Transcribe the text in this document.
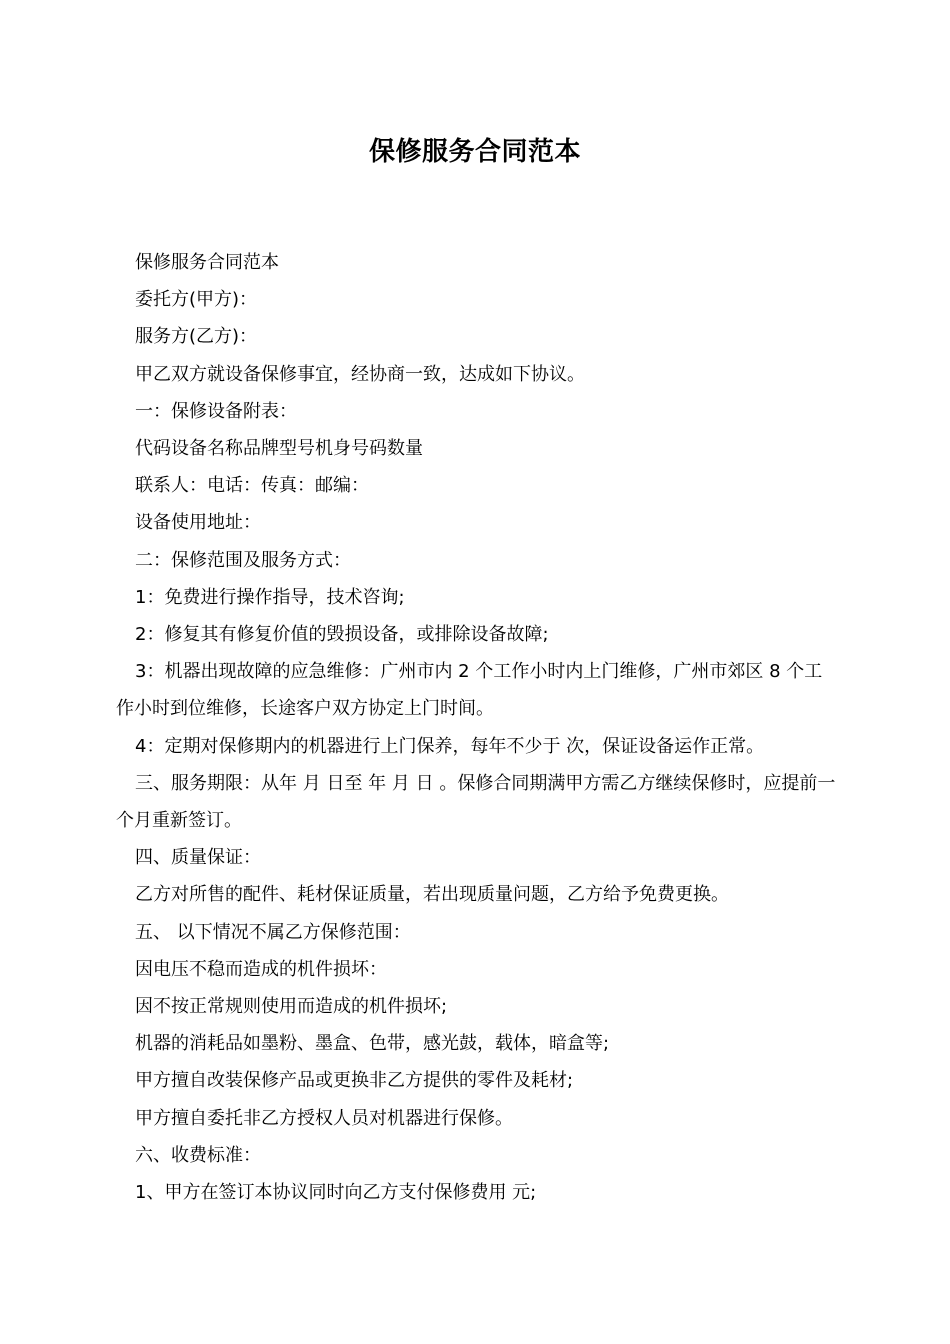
保修服务合同范本

保修服务合同范本

委托方(甲方)：

服务方(乙方)：

甲乙双方就设备保修事宜，经协商一致，达成如下协议。

一：保修设备附表：

代码设备名称品牌型号机身号码数量

联系人：电话：传真：邮编：

设备使用地址：

二：保修范围及服务方式：

1：免费进行操作指导，技术咨询;

2：修复其有修复价值的毁损设备，或排除设备故障;

3：机器出现故障的应急维修：广州市内 2 个工作小时内上门维修，广州市郊区 8 个工作小时到位维修，长途客户双方协定上门时间。

4：定期对保修期内的机器进行上门保养，每年不少于 次，保证设备运作正常。

三、服务期限：从年 月 日至 年 月 日 。保修合同期满甲方需乙方继续保修时，应提前一个月重新签订。

四、质量保证：

乙方对所售的配件、耗材保证质量，若出现质量问题，乙方给予免费更换。

五、 以下情况不属乙方保修范围：

因电压不稳而造成的机件损坏：

因不按正常规则使用而造成的机件损坏;

机器的消耗品如墨粉、墨盒、色带，感光鼓，载体，暗盒等;

甲方擅自改装保修产品或更换非乙方提供的零件及耗材;

甲方擅自委托非乙方授权人员对机器进行保修。

六、收费标准：

1、甲方在签订本协议同时向乙方支付保修费用 元;
